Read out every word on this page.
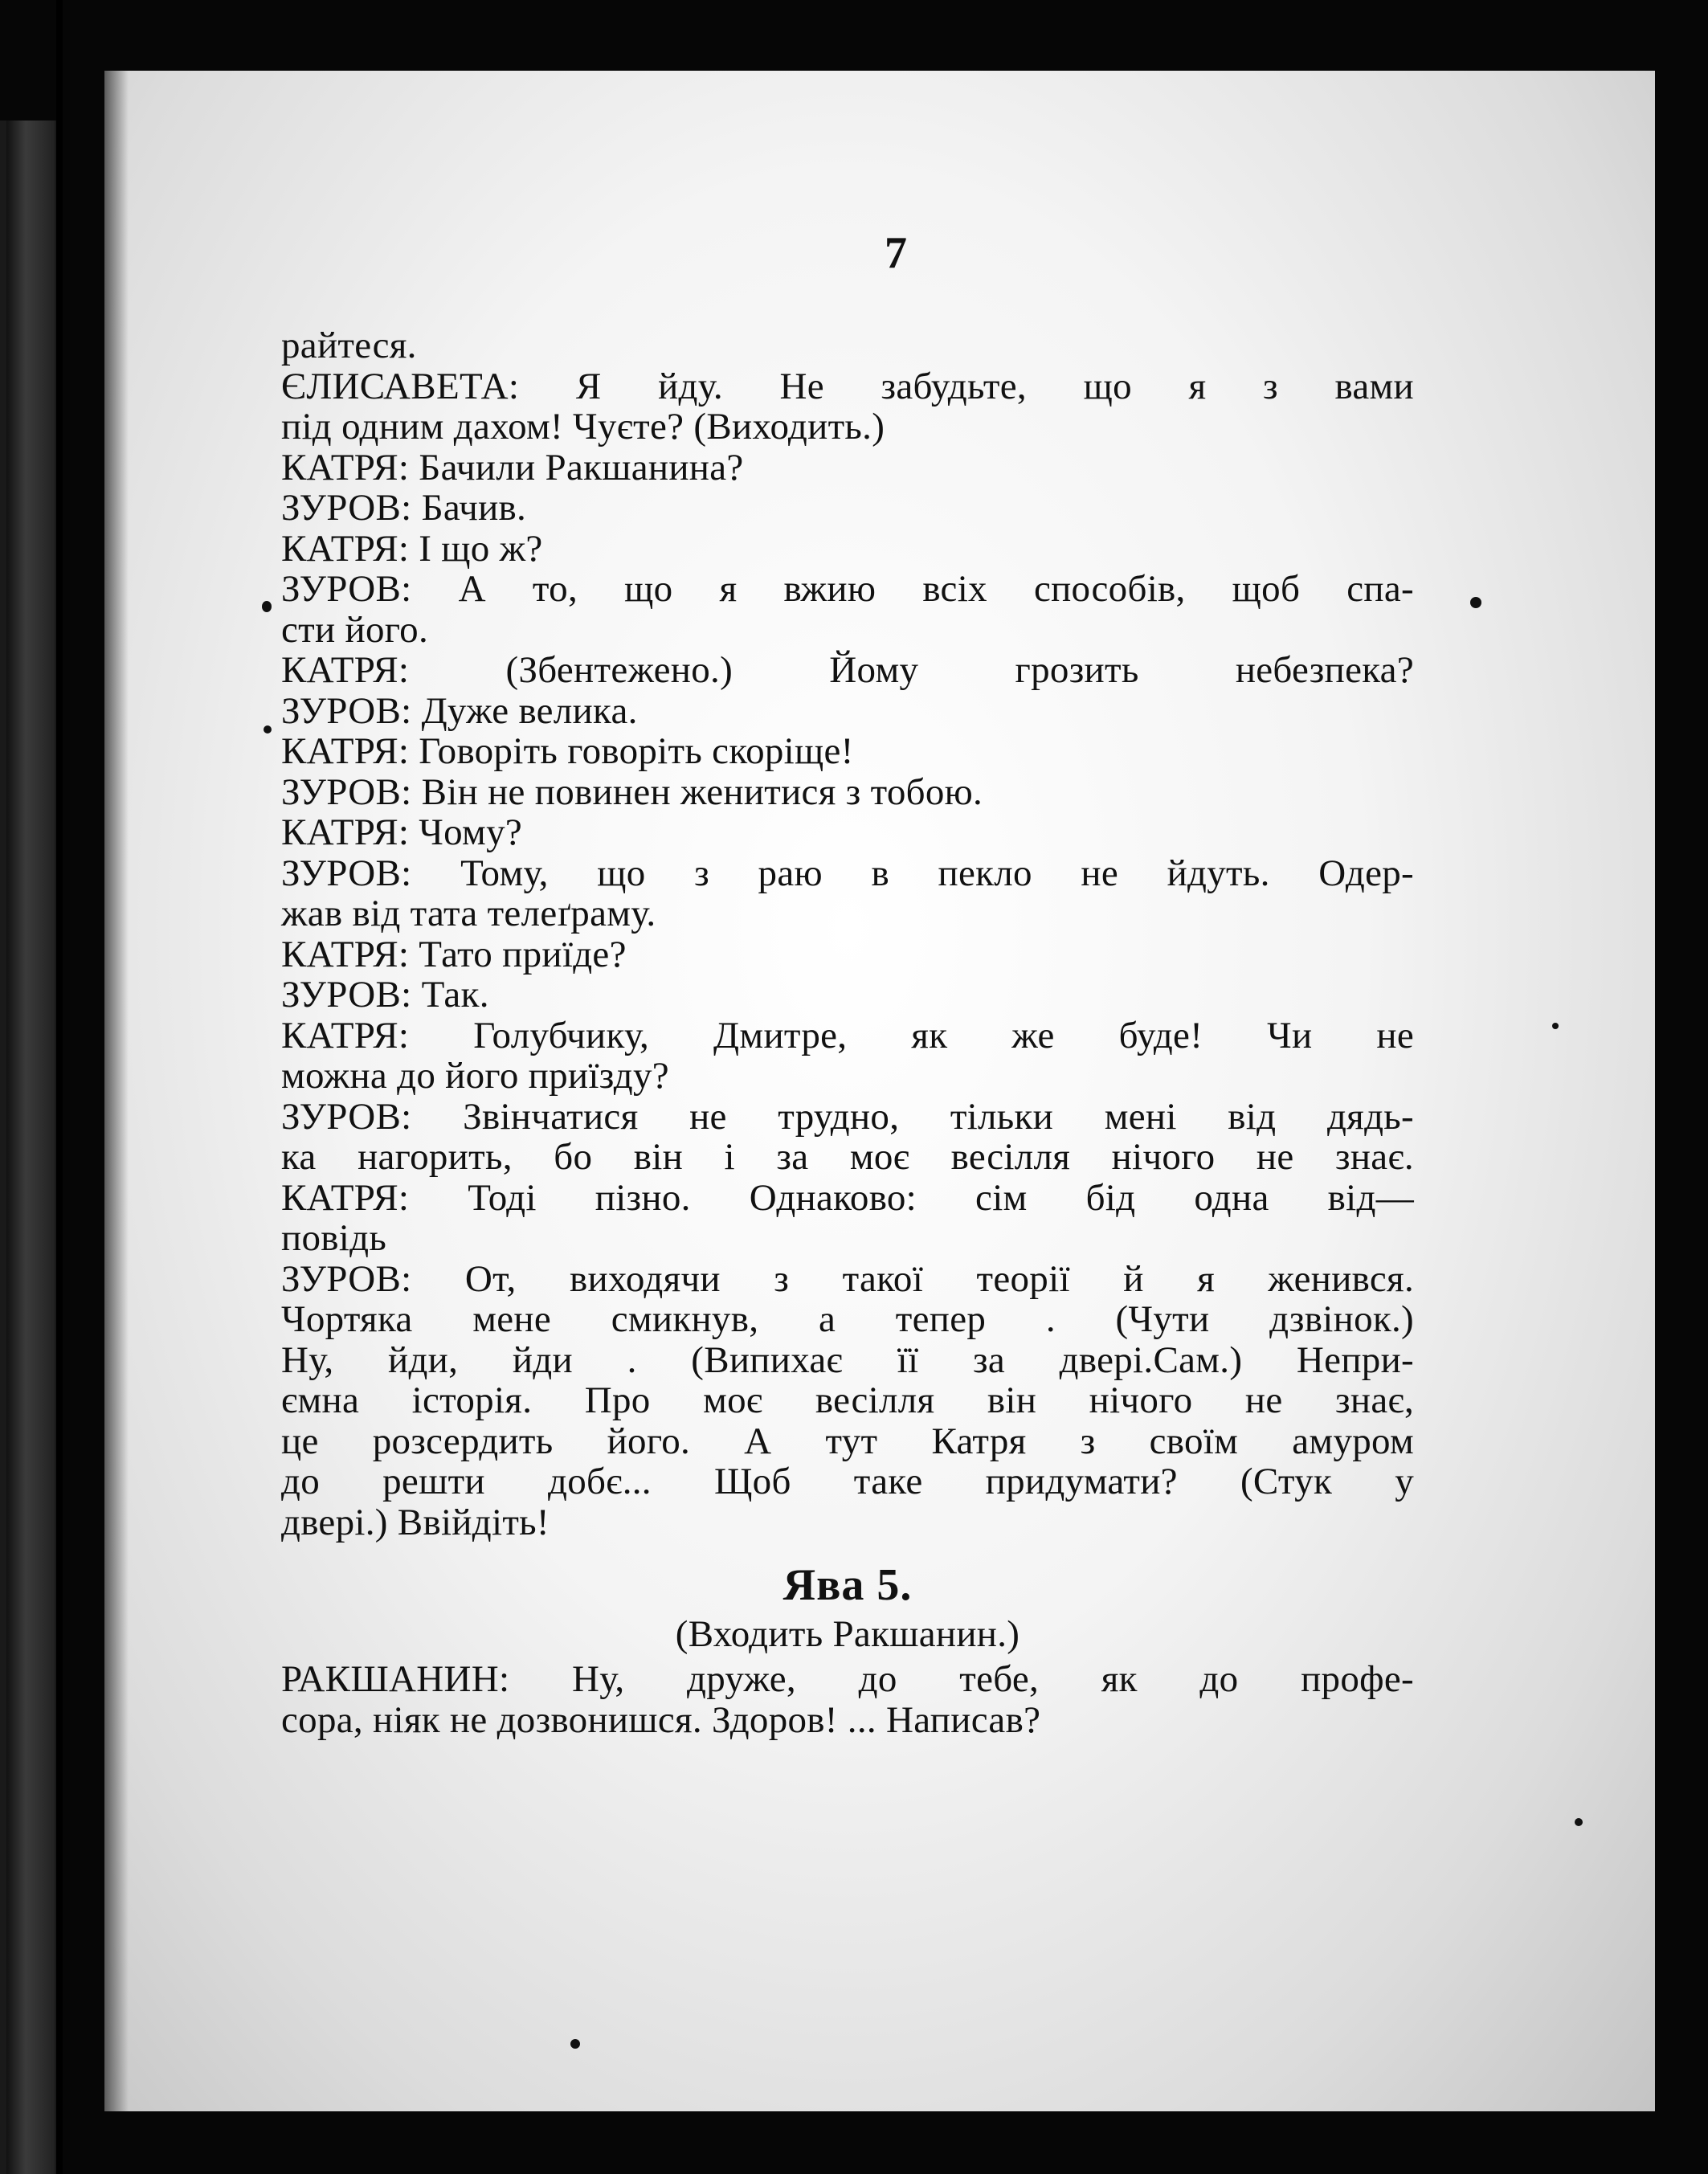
7
райтеся.
ЄЛИСАВЕТА: Я йду. Не забудьте, що я з вами
під одним дахом! Чуєте? (Виходить.)
КАТРЯ: Бачили Ракшанина?
ЗУРОВ: Бачив.
КАТРЯ: І що ж?
ЗУРОВ: А то, що я вжию всіх способів, щоб спа-
сти його.
КАТРЯ: (Збентежено.) Йому грозить небезпека?
ЗУРОВ: Дуже велика.
КАТРЯ: Говоріть говоріть скоріще!
ЗУРОВ: Він не повинен женитися з тобою.
КАТРЯ: Чому?
ЗУРОВ: Тому, що з раю в пекло не йдуть. Одер-
жав від тата телеґраму.
КАТРЯ: Тато приїде?
ЗУРОВ: Так.
КАТРЯ: Голубчику, Дмитре, як же буде! Чи не
можна до його приїзду?
ЗУРОВ: Звінчатися не трудно, тільки мені від дядь-
ка нагорить, бо він і за моє весілля нічого не знає.
КАТРЯ: Тоді пізно. Однаково: сім бід одна від—
повідь
ЗУРОВ: От, виходячи з такої теорії й я женився.
Чортяка мене смикнув, а тепер . (Чути дзвінок.)
Ну, йди, йди . (Випихає її за двері.Сам.) Непри-
ємна історія. Про моє весілля він нічого не знає,
це розсердить його. А тут Катря з своїм амуром
до решти добє... Щоб таке придумати? (Стук у
двері.) Ввійдіть!
Ява 5.
(Входить Ракшанин.)
РАКШАНИН: Ну, друже, до тебе, як до профе-
сора, ніяк не дозвонишся. Здоров! ... Написав?
